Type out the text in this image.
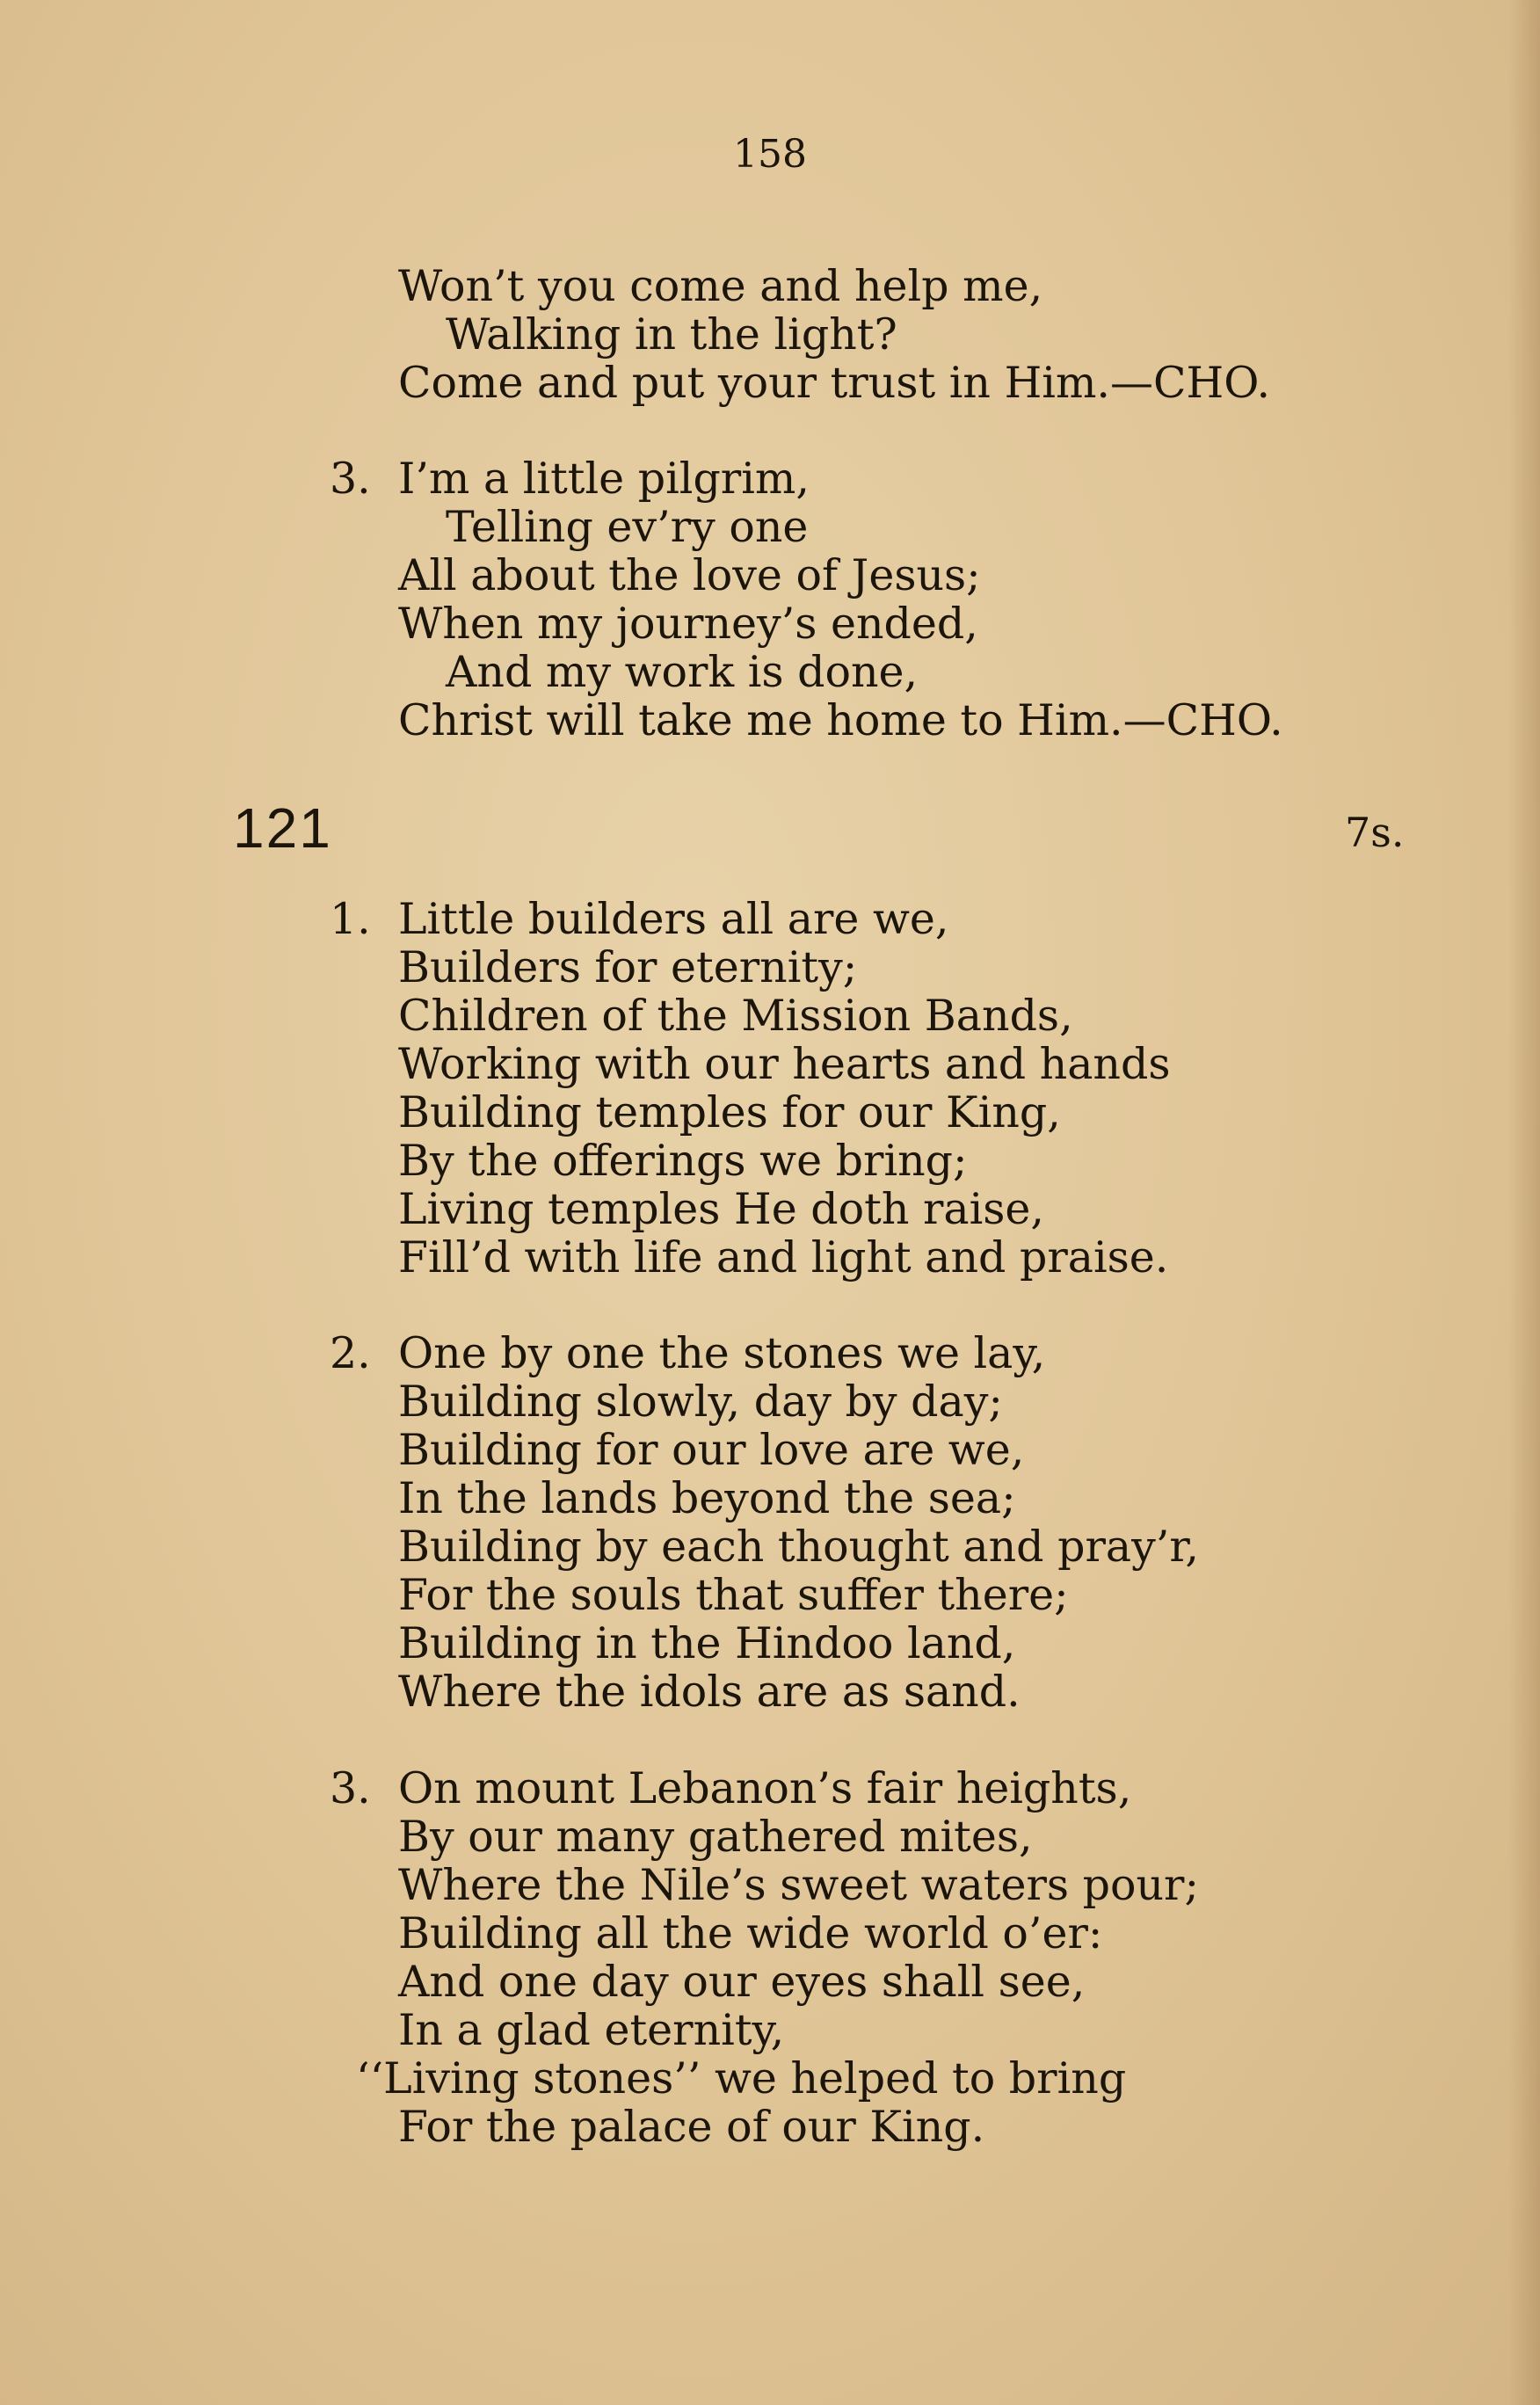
158
Won’t you come and help me,
Walking in the light?
Come and put your trust in Him.—CHO.
3. I’m a little pilgrim,
Telling ev’ry one
All about the love of Jesus;
When my journey’s ended,
And my work is done,
Christ will take me home to Him.—CHO.
121	7s.
1. Little builders all are we,
Builders for eternity;
Children of the Mission Bands,
Working with our hearts and hands
Building temples for our King,
By the offerings we bring;
Living temples He doth raise,
Fill’d with life and light and praise.
2. One by one the stones we lay,
Building slowly, day by day;
Building for our love are we,
In the lands beyond the sea;
Building by each thought and pray’r,
For the souls that suffer there;
Building in the Hindoo land,
Where the idols are as sand.
3. On mount Lebanon’s fair heights,
By our many gathered mites,
Where the Nile’s sweet waters pour;
Building all the wide world o’er:
And one day our eyes shall see,
In a glad eternity,
‘‘Living stones’’ we helped to bring
For the palace of our King.
